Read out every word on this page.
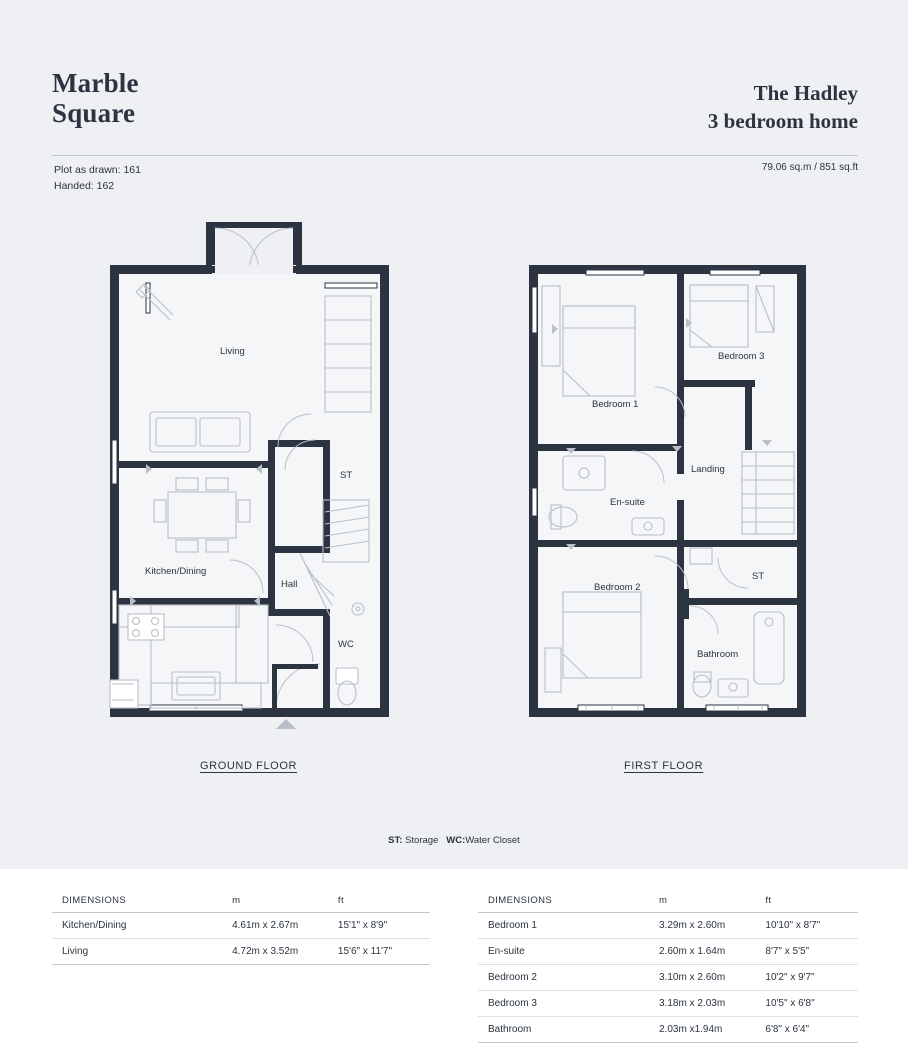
Marble
Square
The Hadley
3 bedroom home
Plot as drawn: 161
Handed: 162
79.06 sq.m / 851 sq.ft
Living
Kitchen/Dining
Hall
ST
WC
Bedroom 1
Bedroom 2
Bedroom 3
En-suite
Landing
Bathroom
ST
GROUND FLOOR	FIRST FLOOR
ST: Storage WC:Water Closet
DIMENSIONS	m	ft
Kitchen/Dining	4.61m x 2.67m	15'1" x 8'9"
Living	4.72m x 3.52m	15'6" x 11'7"
DIMENSIONS	m	ft
Bedroom 1	3.29m x 2.60m	10'10" x 8'7"
En-suite	2.60m x 1.64m	8'7" x 5'5"
Bedroom 2	3.10m x 2.60m	10'2" x 9'7"
Bedroom 3	3.18m x 2.03m	10'5" x 6'8"
Bathroom	2.03m x1.94m	6'8" x 6'4"
